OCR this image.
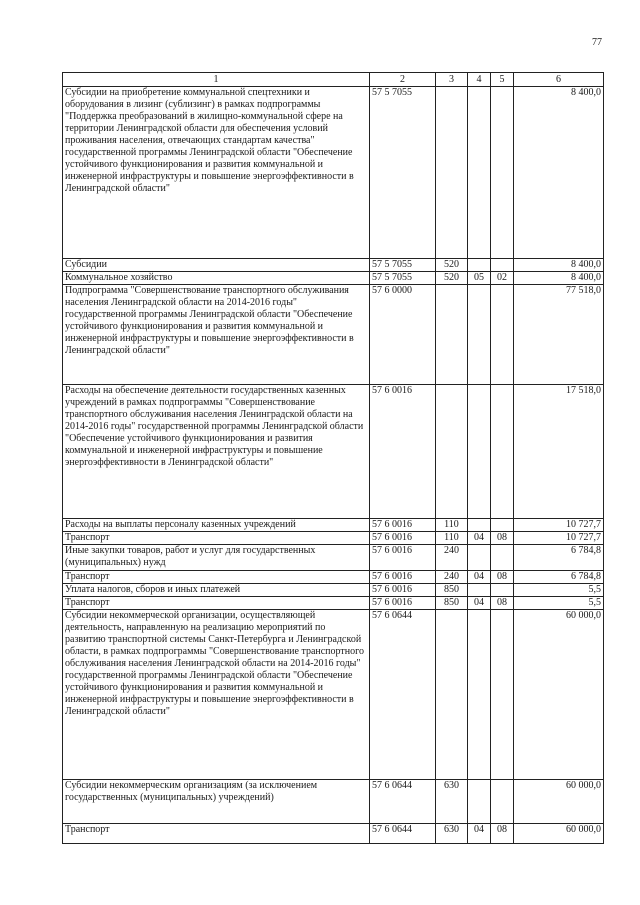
77
1	2	3	4	5	6
Субсидии на приобретение коммунальной спецтехники и оборудования в лизинг (сублизинг) в рамках подпрограммы "Поддержка преобразований в жилищно-коммунальной сфере на территории Ленинградской области для обеспечения условий проживания населения, отвечающих стандартам качества" государственной программы Ленинградской области "Обеспечение устойчивого функционирования и развития коммунальной и инженерной инфраструктуры и повышение энергоэффективности в Ленинградской области"	57 5 7055				8 400,0
Субсидии	57 5 7055	520			8 400,0
Коммунальное хозяйство	57 5 7055	520	05	02	8 400,0
Подпрограмма "Совершенствование транспортного обслуживания населения Ленинградской области на 2014-2016 годы" государственной программы Ленинградской области "Обеспечение устойчивого функционирования и развития коммунальной и инженерной инфраструктуры и повышение энергоэффективности в Ленинградской области"	57 6 0000				77 518,0
Расходы на обеспечение деятельности государственных казенных учреждений в рамках подпрограммы "Совершенствование транспортного обслуживания населения Ленинградской области на 2014-2016 годы" государственной программы Ленинградской области "Обеспечение устойчивого функционирования и развития коммунальной и инженерной инфраструктуры и повышение энергоэффективности в Ленинградской области"	57 6 0016				17 518,0
Расходы на выплаты персоналу казенных учреждений	57 6 0016	110			10 727,7
Транспорт	57 6 0016	110	04	08	10 727,7
Иные закупки товаров, работ и услуг для государственных (муниципальных) нужд	57 6 0016	240			6 784,8
Транспорт	57 6 0016	240	04	08	6 784,8
Уплата налогов, сборов и иных платежей	57 6 0016	850			5,5
Транспорт	57 6 0016	850	04	08	5,5
Субсидии некоммерческой организации, осуществляющей деятельность, направленную на реализацию мероприятий по развитию транспортной системы Санкт-Петербурга и Ленинградской области, в рамках подпрограммы "Совершенствование транспортного обслуживания населения Ленинградской области на 2014-2016 годы" государственной программы Ленинградской области "Обеспечение устойчивого функционирования и развития коммунальной и инженерной инфраструктуры и повышение энергоэффективности в Ленинградской области"	57 6 0644				60 000,0
Субсидии некоммерческим организациям (за исключением государственных (муниципальных) учреждений)	57 6 0644	630			60 000,0
Транспорт	57 6 0644	630	04	08	60 000,0
